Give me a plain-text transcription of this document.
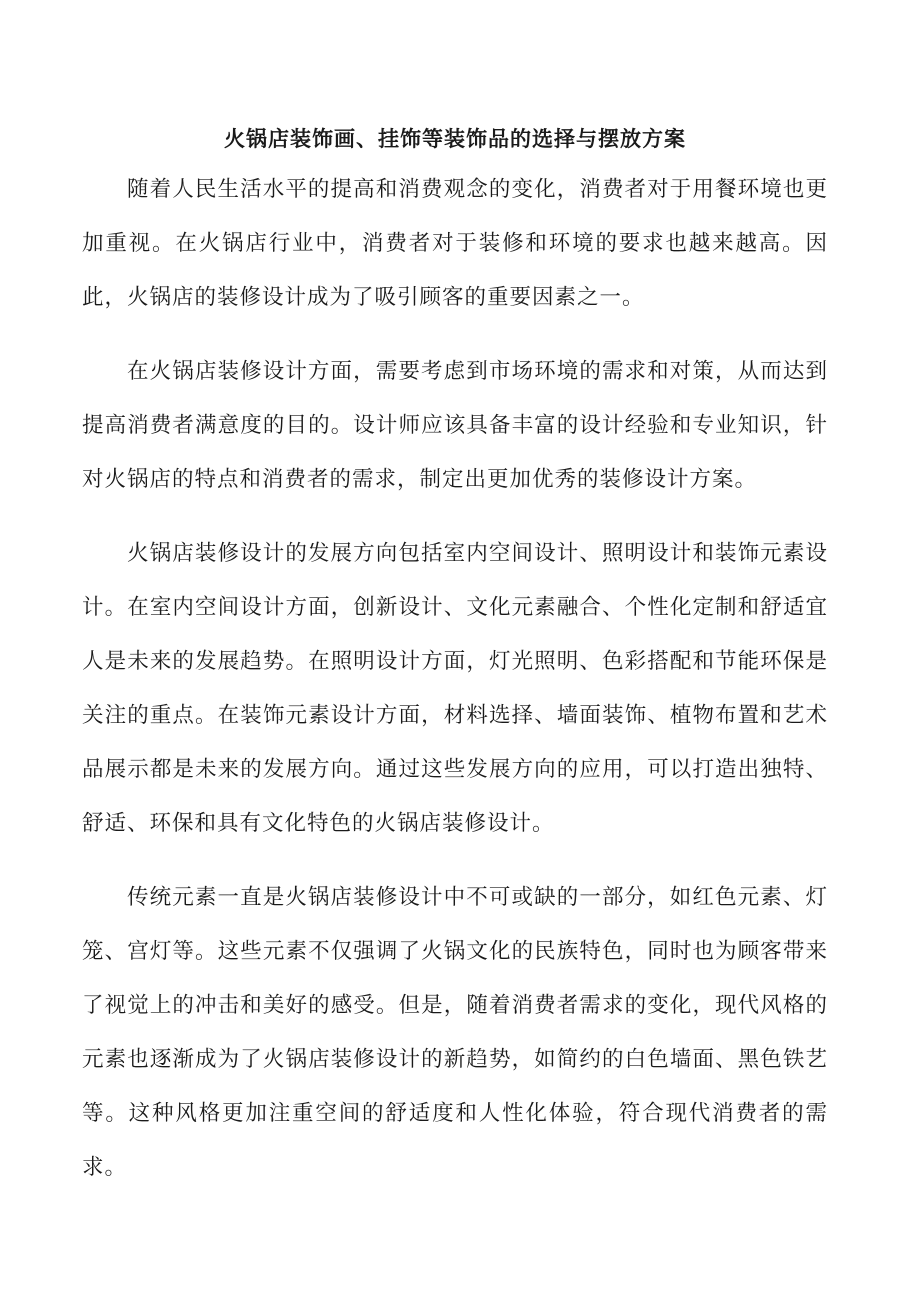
火锅店装饰画、挂饰等装饰品的选择与摆放方案

随着人民生活水平的提高和消费观念的变化，消费者对于用餐环境也更加重视。在火锅店行业中，消费者对于装修和环境的要求也越来越高。因此，火锅店的装修设计成为了吸引顾客的重要因素之一。

在火锅店装修设计方面，需要考虑到市场环境的需求和对策，从而达到提高消费者满意度的目的。设计师应该具备丰富的设计经验和专业知识，针对火锅店的特点和消费者的需求，制定出更加优秀的装修设计方案。

火锅店装修设计的发展方向包括室内空间设计、照明设计和装饰元素设计。在室内空间设计方面，创新设计、文化元素融合、个性化定制和舒适宜人是未来的发展趋势。在照明设计方面，灯光照明、色彩搭配和节能环保是关注的重点。在装饰元素设计方面，材料选择、墙面装饰、植物布置和艺术品展示都是未来的发展方向。通过这些发展方向的应用，可以打造出独特、舒适、环保和具有文化特色的火锅店装修设计。

传统元素一直是火锅店装修设计中不可或缺的一部分，如红色元素、灯笼、宫灯等。这些元素不仅强调了火锅文化的民族特色，同时也为顾客带来了视觉上的冲击和美好的感受。但是，随着消费者需求的变化，现代风格的元素也逐渐成为了火锅店装修设计的新趋势，如简约的白色墙面、黑色铁艺等。这种风格更加注重空间的舒适度和人性化体验，符合现代消费者的需求。
